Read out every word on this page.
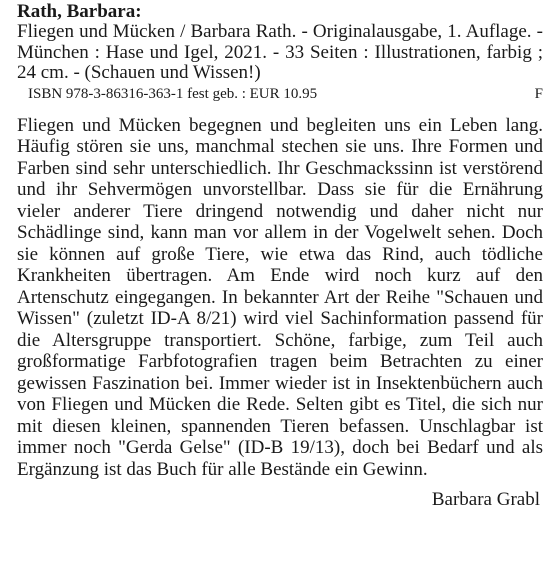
Rath, Barbara:
Fliegen und Mücken / Barbara Rath. - Originalausgabe, 1. Auflage. - München : Hase und Igel, 2021. - 33 Seiten : Illustrationen, farbig ; 24 cm. - (Schauen und Wissen!)
ISBN 978-3-86316-363-1 fest geb. : EUR 10.95	F
Fliegen und Mücken begegnen und begleiten uns ein Leben lang. Häufig stören sie uns, manchmal stechen sie uns. Ihre Formen und Farben sind sehr unterschiedlich. Ihr Geschmackssinn ist verstörend und ihr Sehvermögen unvorstellbar. Dass sie für die Ernährung vieler anderer Tiere dringend notwendig und daher nicht nur Schädlinge sind, kann man vor allem in der Vogelwelt sehen. Doch sie können auf große Tiere, wie etwa das Rind, auch tödliche Krankheiten übertragen. Am Ende wird noch kurz auf den Artenschutz eingegangen. In bekannter Art der Reihe "Schauen und Wissen" (zuletzt ID-A 8/21) wird viel Sachinformation passend für die Altersgruppe transportiert. Schöne, farbige, zum Teil auch großformatige Farbfotografien tragen beim Betrachten zu einer gewissen Faszination bei. Immer wieder ist in Insektenbüchern auch von Fliegen und Mücken die Rede. Selten gibt es Titel, die sich nur mit diesen kleinen, spannenden Tieren befassen. Unschlagbar ist immer noch "Gerda Gelse" (ID-B 19/13), doch bei Bedarf und als Ergänzung ist das Buch für alle Bestände ein Gewinn.
Barbara Grabl
